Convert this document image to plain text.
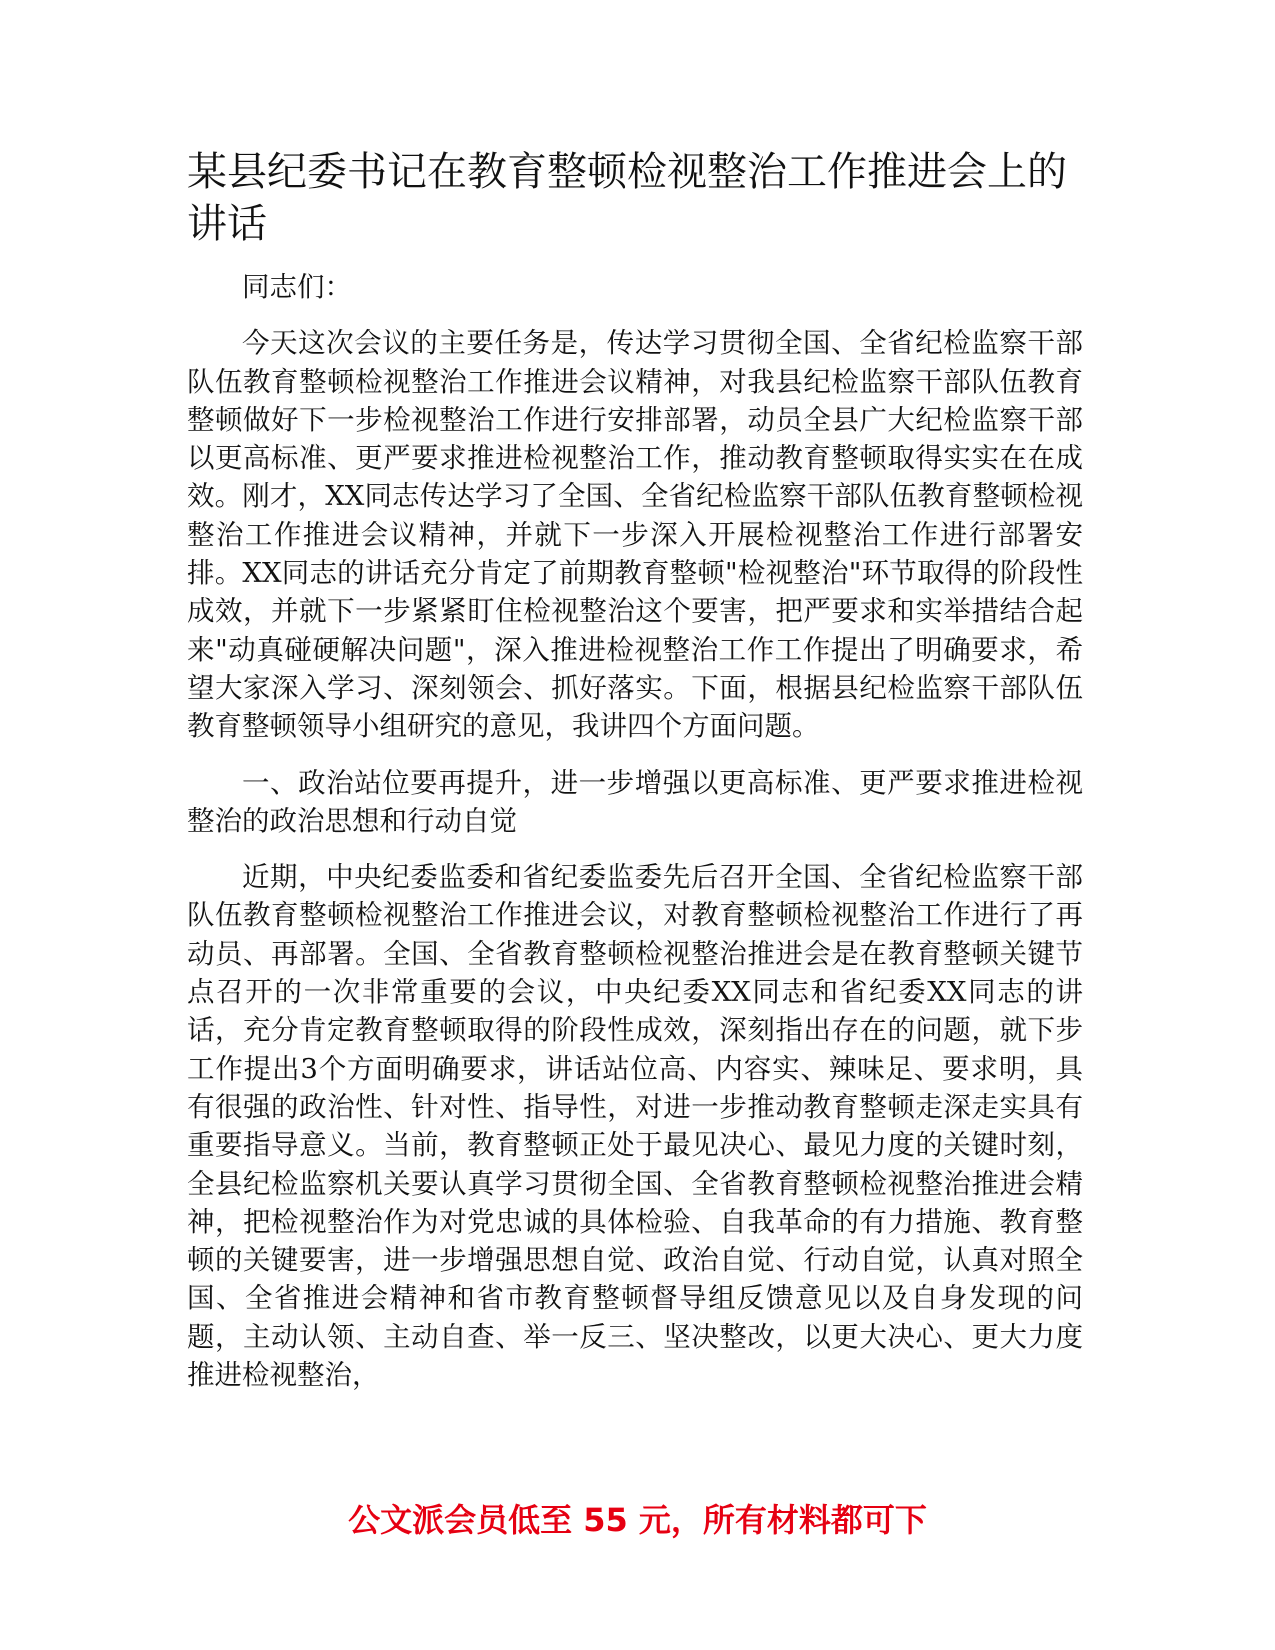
某县纪委书记在教育整顿检视整治工作推进会上的讲话

同志们：

今天这次会议的主要任务是，传达学习贯彻全国、全省纪检监察干部队伍教育整顿检视整治工作推进会议精神，对我县纪检监察干部队伍教育整顿做好下一步检视整治工作进行安排部署，动员全县广大纪检监察干部以更高标准、更严要求推进检视整治工作，推动教育整顿取得实实在在成效。刚才，XX同志传达学习了全国、全省纪检监察干部队伍教育整顿检视整治工作推进会议精神，并就下一步深入开展检视整治工作进行部署安排。XX同志的讲话充分肯定了前期教育整顿"检视整治"环节取得的阶段性成效，并就下一步紧紧盯住检视整治这个要害，把严要求和实举措结合起来"动真碰硬解决问题"，深入推进检视整治工作工作提出了明确要求，希望大家深入学习、深刻领会、抓好落实。下面，根据县纪检监察干部队伍教育整顿领导小组研究的意见，我讲四个方面问题。

一、政治站位要再提升，进一步增强以更高标准、更严要求推进检视整治的政治思想和行动自觉

近期，中央纪委监委和省纪委监委先后召开全国、全省纪检监察干部队伍教育整顿检视整治工作推进会议，对教育整顿检视整治工作进行了再动员、再部署。全国、全省教育整顿检视整治推进会是在教育整顿关键节点召开的一次非常重要的会议，中央纪委XX同志和省纪委XX同志的讲话，充分肯定教育整顿取得的阶段性成效，深刻指出存在的问题，就下步工作提出3个方面明确要求，讲话站位高、内容实、辣味足、要求明，具有很强的政治性、针对性、指导性，对进一步推动教育整顿走深走实具有重要指导意义。当前，教育整顿正处于最见决心、最见力度的关键时刻，全县纪检监察机关要认真学习贯彻全国、全省教育整顿检视整治推进会精神，把检视整治作为对党忠诚的具体检验、自我革命的有力措施、教育整顿的关键要害，进一步增强思想自觉、政治自觉、行动自觉，认真对照全国、全省推进会精神和省市教育整顿督导组反馈意见以及自身发现的问题，主动认领、主动自查、举一反三、坚决整改，以更大决心、更大力度推进检视整治，

公文派会员低至 55 元，所有材料都可下
